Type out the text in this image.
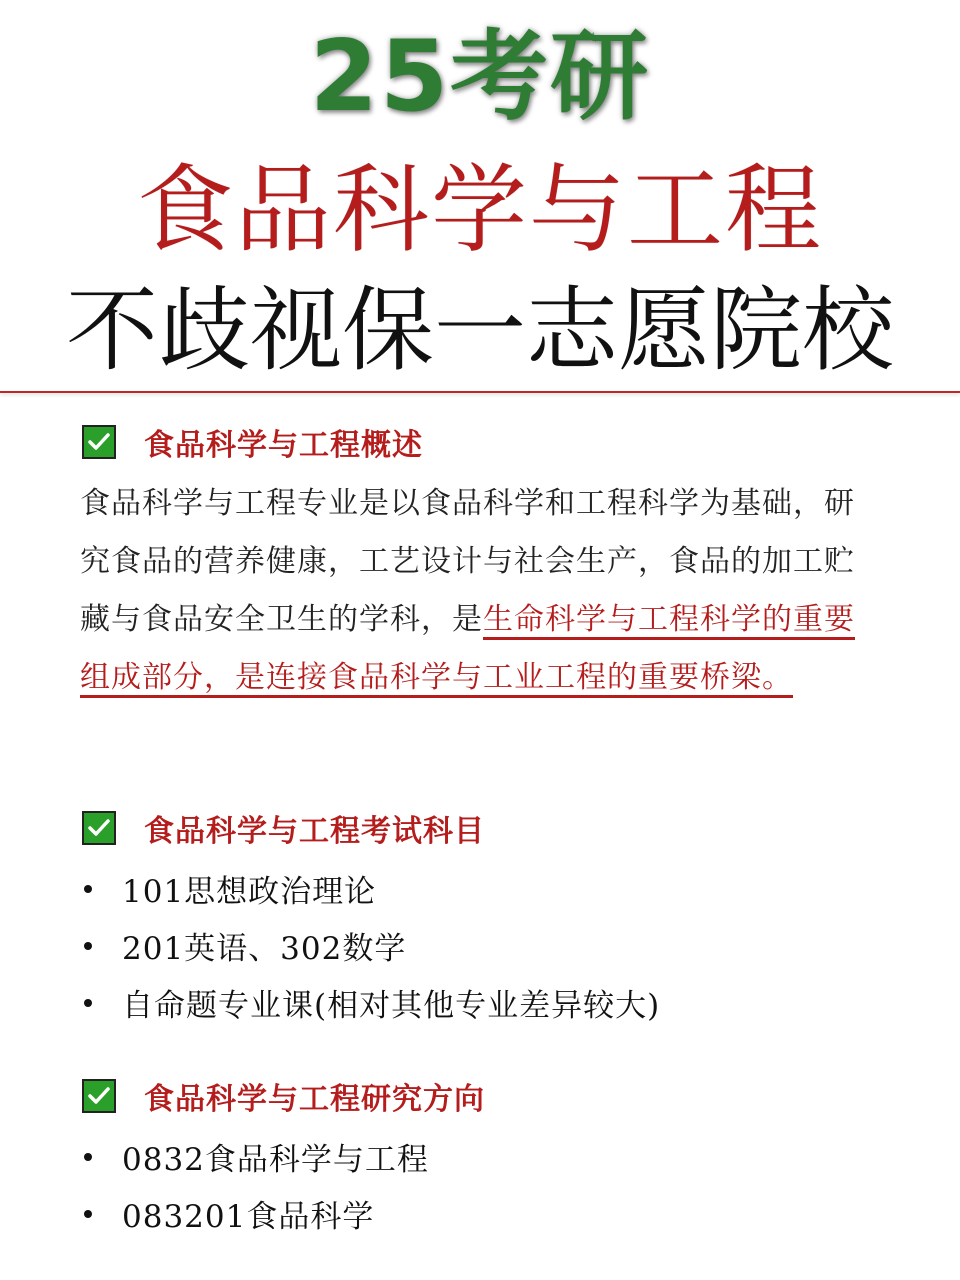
25考研
食品科学与工程
不歧视保一志愿院校
食品科学与工程概述
食品科学与工程专业是以食品科学和工程科学为基础，研究食品的营养健康，工艺设计与社会生产，食品的加工贮藏与食品安全卫生的学科，是生命科学与工程科学的重要组成部分，是连接食品科学与工业工程的重要桥梁。
食品科学与工程考试科目
101思想政治理论
201英语、302数学
自命题专业课(相对其他专业差异较大)
食品科学与工程研究方向
0832食品科学与工程
083201食品科学
